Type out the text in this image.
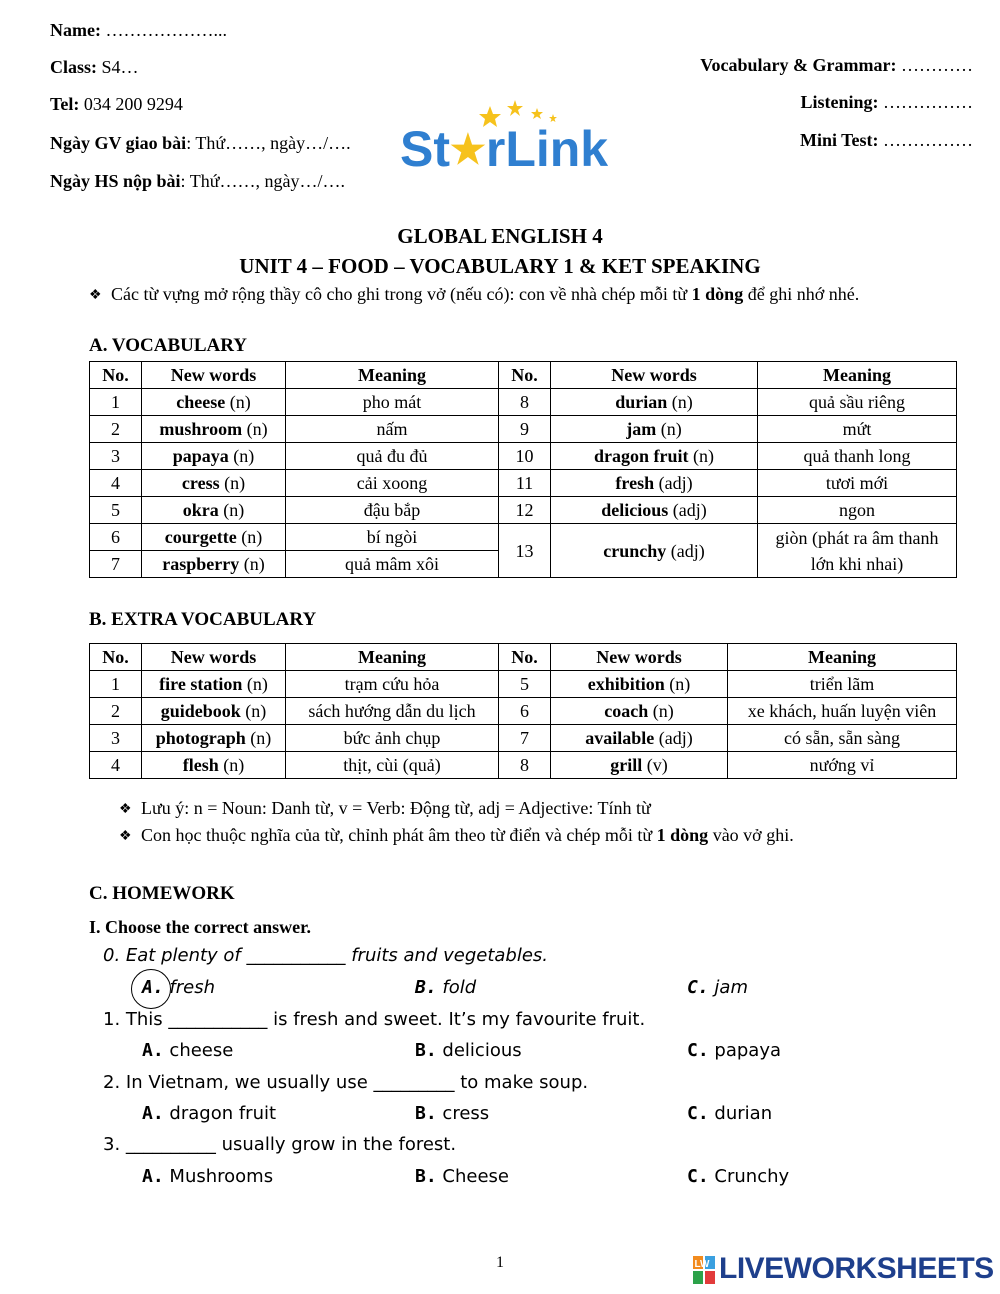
Name: ………………...
Class: S4…
Tel: 034 200 9294
Ngày GV giao bài: Thứ……, ngày…/….
Ngày HS nộp bài: Thứ……, ngày…/….
Vocabulary & Grammar: …………
Listening: ……………
Mini Test: ……………
St★rLink
GLOBAL ENGLISH 4
UNIT 4 – FOOD – VOCABULARY 1 & KET SPEAKING
❖ Các từ vựng mở rộng thầy cô cho ghi trong vở (nếu có): con về nhà chép mỗi từ 1 dòng để ghi nhớ nhé.
A. VOCABULARY
No.	New words	Meaning	No.	New words	Meaning
1	cheese (n)	pho mát	8	durian (n)	quả sầu riêng
2	mushroom (n)	nấm	9	jam (n)	mứt
3	papaya (n)	quả đu đủ	10	dragon fruit (n)	quả thanh long
4	cress (n)	cải xoong	11	fresh (adj)	tươi mới
5	okra (n)	đậu bắp	12	delicious (adj)	ngon
6	courgette (n)	bí ngòi	13	crunchy (adj)	giòn (phát ra âm thanh
lớn khi nhai)
7	raspberry (n)	quả mâm xôi			
B. EXTRA VOCABULARY
No.	New words	Meaning	No.	New words	Meaning
1	fire station (n)	trạm cứu hỏa	5	exhibition (n)	triển lãm
2	guidebook (n)	sách hướng dẫn du lịch	6	coach (n)	xe khách, huấn luyện viên
3	photograph (n)	bức ảnh chụp	7	available (adj)	có sẵn, sẵn sàng
4	flesh (n)	thịt, cùi (quả)	8	grill (v)	nướng vỉ
❖ Lưu ý: n = Noun: Danh từ, v = Verb: Động từ, adj = Adjective: Tính từ
❖ Con học thuộc nghĩa của từ, chỉnh phát âm theo từ điển và chép mỗi từ 1 dòng vào vở ghi.
C. HOMEWORK
I. Choose the correct answer.
0. Eat plenty of ___________ fruits and vegetables.
A. fresh	B. fold	C. jam
1. This ___________ is fresh and sweet. It’s my favourite fruit.
A. cheese	B. delicious	C. papaya
2. In Vietnam, we usually use _________ to make soup.
A. dragon fruit	B. cress	C. durian
3. __________ usually grow in the forest.
A. Mushrooms	B. Cheese	C. Crunchy
1	LW LIVEWORKSHEETS
